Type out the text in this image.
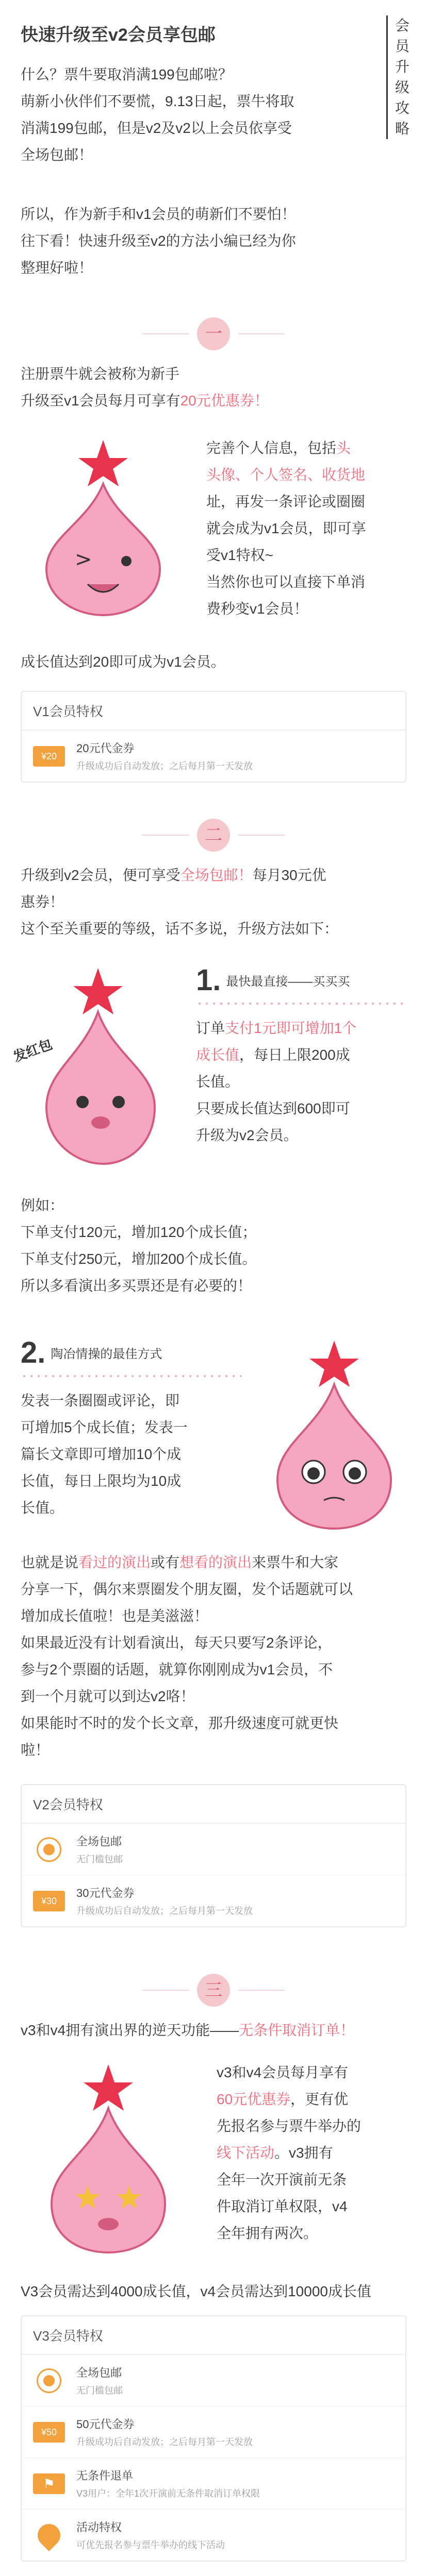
快速升级至v2会员享包邮	会
员
升
级
攻
略

什么？票牛要取消满199包邮啦？

萌新小伙伴们不要慌，9.13日起，票牛将取

消满199包邮，但是v2及v2以上会员依享受

全场包邮！

所以，作为新手和v1会员的萌新们不要怕！

往下看！快速升级至v2的方法小编已经为你

整理好啦！

一

注册票牛就会被称为新手

升级至v1会员每月可享有20元优惠券！

>

完善个人信息，包括头

头像、个人签名、收货地

址，再发一条评论或圈圈

就会成为v1会员，即可享

受v1特权~

当然你也可以直接下单消

费秒变v1会员！

成长值达到20即可成为v1会员。

V1会员特权
¥20
20元代金券
升级成功后自动发放；之后每月第一天发放
二

升级到v2会员，便可享受全场包邮！每月30元优

惠券！

这个至关重要的等级，话不多说，升级方法如下：

发红包
1. 最快最直接——买买买

订单支付1元即可增加1个

成长值，每日上限200成

长值。

只要成长值达到600即可

升级为v2会员。

例如：

下单支付120元，增加120个成长值；

下单支付250元，增加200个成长值。

所以多看演出多买票还是有必要的！

2. 陶冶情操的最佳方式

发表一条圈圈或评论，即

可增加5个成长值；发表一

篇长文章即可增加10个成

长值，每日上限均为10成

长值。

也就是说看过的演出或有想看的演出来票牛和大家

分享一下，偶尔来票圈发个朋友圈，发个话题就可以

增加成长值啦！也是美滋滋！

如果最近没有计划看演出，每天只要写2条评论，

参与2个票圈的话题，就算你刚刚成为v1会员，不

到一个月就可以到达v2咯！

如果能时不时的发个长文章，那升级速度可就更快

啦！

V2会员特权
全场包邮
无门槛包邮
¥30
30元代金券
升级成功后自动发放；之后每月第一天发放
三

v3和v4拥有演出界的逆天功能——无条件取消订单！

v3和v4会员每月享有

60元优惠券，更有优

先报名参与票牛举办的

线下活动。v3拥有

全年一次开演前无条

件取消订单权限，v4

全年拥有两次。

V3会员需达到4000成长值，v4会员需达到10000成长值

V3会员特权
全场包邮
无门槛包邮
¥50
50元代金券
升级成功后自动发放；之后每月第一天发放
⚑
无条件退单
V3用户：全年1次开演前无条件取消订单权限
活动特权
可优先报名参与票牛举办的线下活动
